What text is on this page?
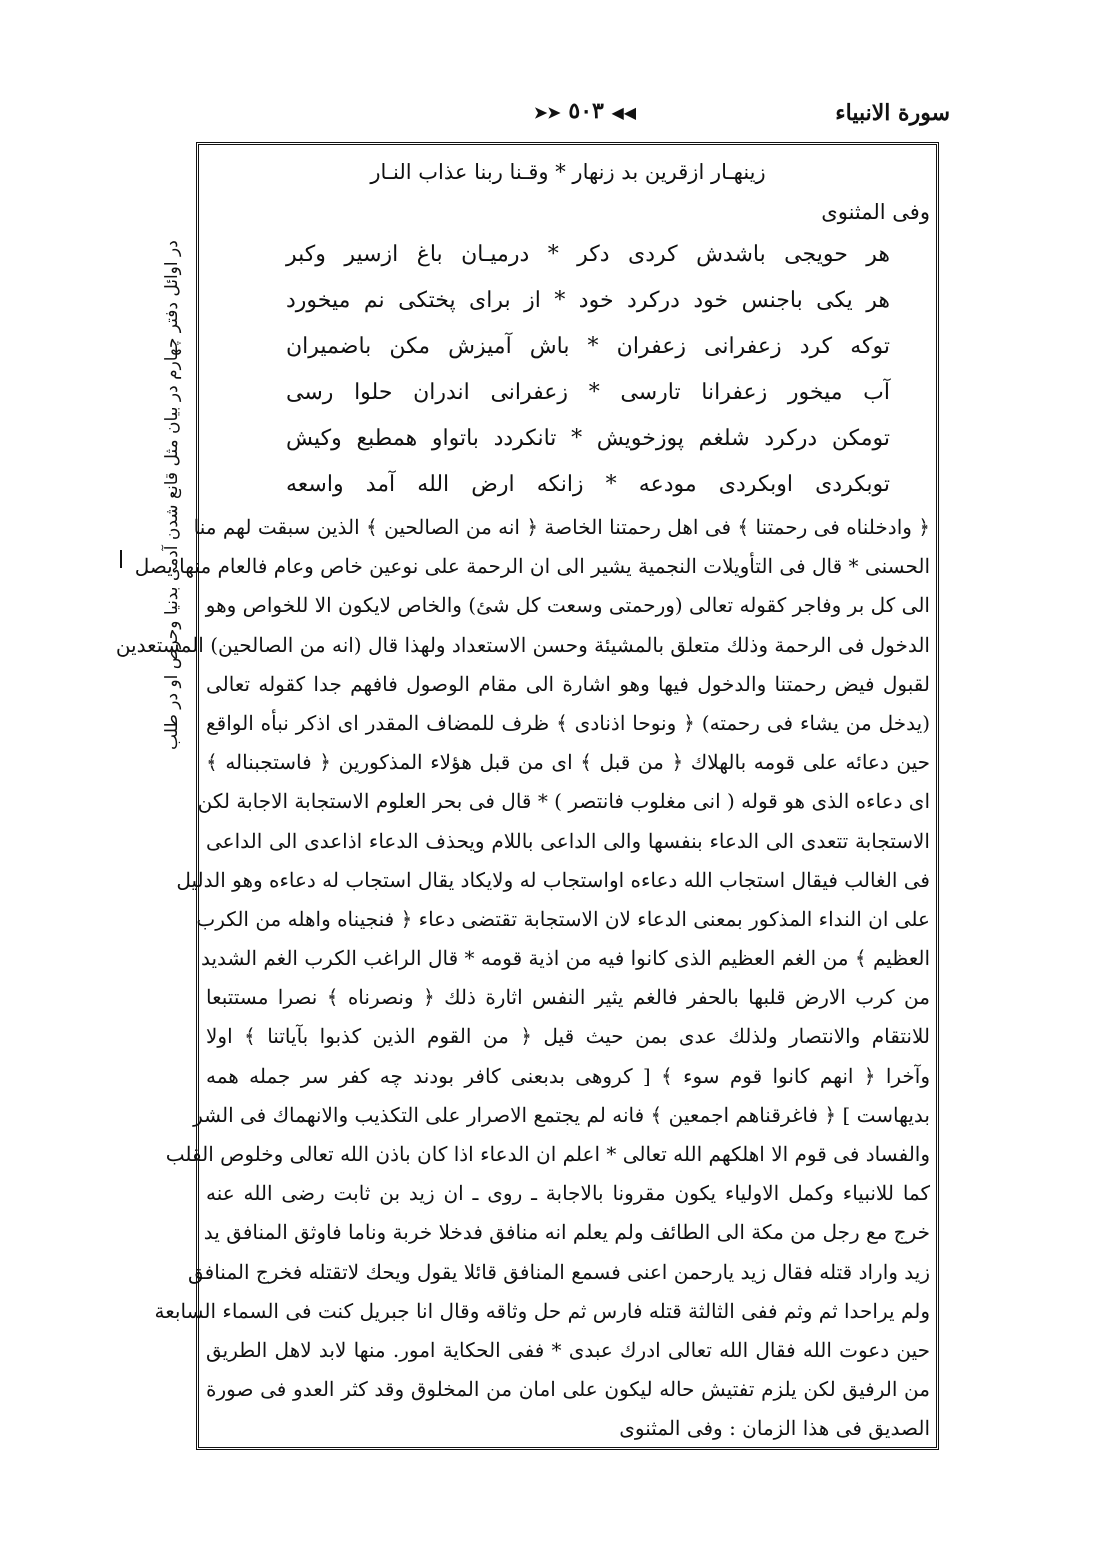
سورة الانبياء
➤➤ ٥٠٣ ◀◀
در اوائل دفتر چهارم در بيان مثل قانع شدن آدمى بدنيا وحرص او در طلب
زينهـار ازقرين بد زنهار * وقـنا ربنا عذاب النـار
وفى المثنوى
هر حويجى باشدش كردى دكر * درميـان باغ ازسير وكبر
هر يكى باجنس خود دركرد خود * از براى پختكى نم ميخورد
توكه كرد زعفرانى زعفران * باش آميزش مكن باضميران
آب ميخور زعفرانا تارسى * زعفرانى اندران حلوا رسى
تومكن دركرد شلغم پوزخويش * تانكردد باتواو همطبع وكيش
توبكردى اوبكردى مودعه * زانكه ارض الله آمد واسعه

﴿ وادخلناه فى رحمتنا ﴾ فى اهل رحمتنا الخاصة ﴿ انه من الصالحين ﴾ الذين سبقت لهم منا

الحسنى * قال فى التأويلات النجمية يشير الى ان الرحمة على نوعين خاص وعام فالعام منها يصل

الى كل بر وفاجر كقوله تعالى (ورحمتى وسعت كل شئ) والخاص لايكون الا للخواص وهو

الدخول فى الرحمة وذلك متعلق بالمشيئة وحسن الاستعداد ولهذا قال (انه من الصالحين) المستعدين

لقبول فيض رحمتنا والدخول فيها وهو اشارة الى مقام الوصول فافهم جدا كقوله تعالى

(يدخل من يشاء فى رحمته) ﴿ ونوحا اذنادى ﴾ ظرف للمضاف المقدر اى اذكر نبأه الواقع

حين دعائه على قومه بالهلاك ﴿ من قبل ﴾ اى من قبل هؤلاء المذكورين ﴿ فاستجبناله ﴾

اى دعاءه الذى هو قوله ( انى مغلوب فانتصر ) * قال فى بحر العلوم الاستجابة الاجابة لكن

الاستجابة تتعدى الى الدعاء بنفسها والى الداعى باللام ويحذف الدعاء اذاعدى الى الداعى

فى الغالب فيقال استجاب الله دعاءه اواستجاب له ولايكاد يقال استجاب له دعاءه وهو الدليل

على ان النداء المذكور بمعنى الدعاء لان الاستجابة تقتضى دعاء ﴿ فنجيناه واهله من الكرب

العظيم ﴾ من الغم العظيم الذى كانوا فيه من اذية قومه * قال الراغب الكرب الغم الشديد

من كرب الارض قلبها بالحفر فالغم يثير النفس اثارة ذلك ﴿ ونصرناه ﴾ نصرا مستتبعا

للانتقام والانتصار ولذلك عدى بمن حيث قيل ﴿ من القوم الذين كذبوا بآياتنا ﴾ اولا

وآخرا ﴿ انهم كانوا قوم سوء ﴾ [ كروهى بدبعنى كافر بودند چه كفر سر جمله همه

بديهاست ] ﴿ فاغرقناهم اجمعين ﴾ فانه لم يجتمع الاصرار على التكذيب والانهماك فى الشر

والفساد فى قوم الا اهلكهم الله تعالى * اعلم ان الدعاء اذا كان باذن الله تعالى وخلوص القلب

كما للانبياء وكمل الاولياء يكون مقرونا بالاجابة ـ روى ـ ان زيد بن ثابت رضى الله عنه

خرج مع رجل من مكة الى الطائف ولم يعلم انه منافق فدخلا خربة وناما فاوثق المنافق يد

زيد واراد قتله فقال زيد يارحمن اعنى فسمع المنافق قائلا يقول ويحك لاتقتله فخرج المنافق

ولم يراحدا ثم وثم ففى الثالثة قتله فارس ثم حل وثاقه وقال انا جبريل كنت فى السماء السابعة

حين دعوت الله فقال الله تعالى ادرك عبدى * ففى الحكاية امور. منها لابد لاهل الطريق

من الرفيق لكن يلزم تفتيش حاله ليكون على امان من المخلوق وقد كثر العدو فى صورة

الصديق فى هذا الزمان : وفى المثنوى
